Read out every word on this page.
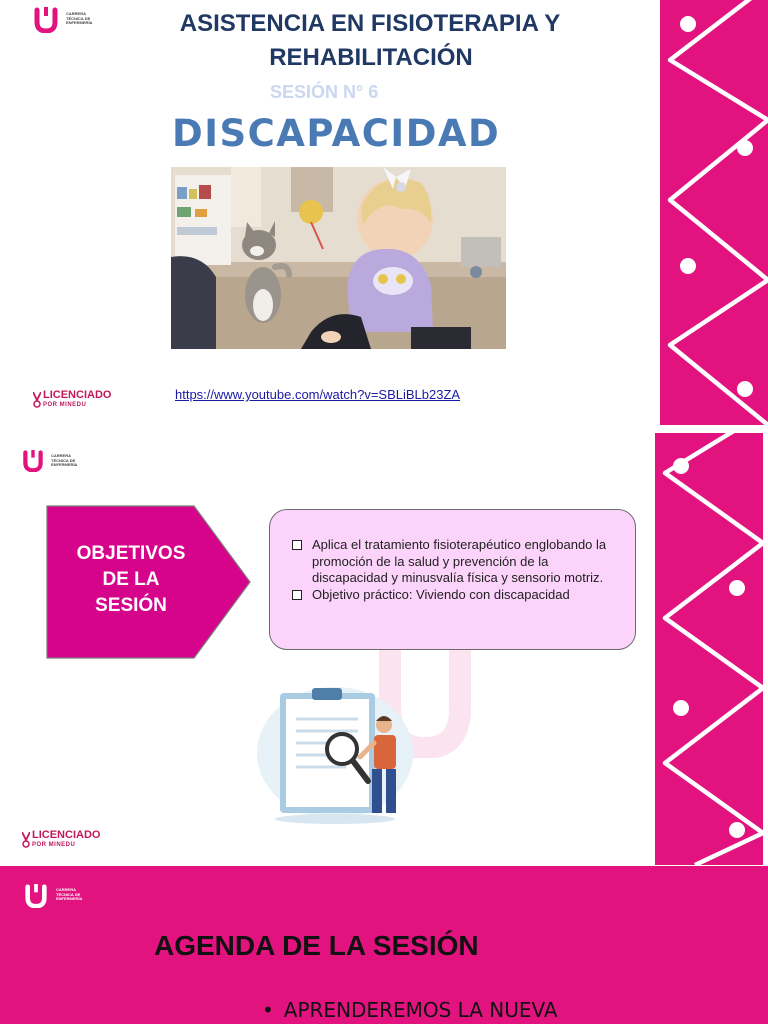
CARRERA
TÉCNICA DE
ENFERMERÍA	ASISTENCIA EN FISIOTERAPIA Y
REHABILITACIÓN
SESIÓN N° 6
DISCAPACIDAD
https://www.youtube.com/watch?v=SBLiBLb23ZA
LICENCIADO
POR MINEDU
CARRERA
TÉCNICA DE
ENFERMERÍA
OBJETIVOS
DE LA
SESIÓN
Aplica el tratamiento fisioterapéutico englobando la promoción de la salud y prevención de la discapacidad y minusvalía física y sensorio motriz.
Objetivo práctico: Viviendo con discapacidad
LICENCIADO
POR MINEDU
CARRERA
TÉCNICA DE
ENFERMERÍA
AGENDA DE LA SESIÓN
• APRENDEREMOS LA NUEVA
